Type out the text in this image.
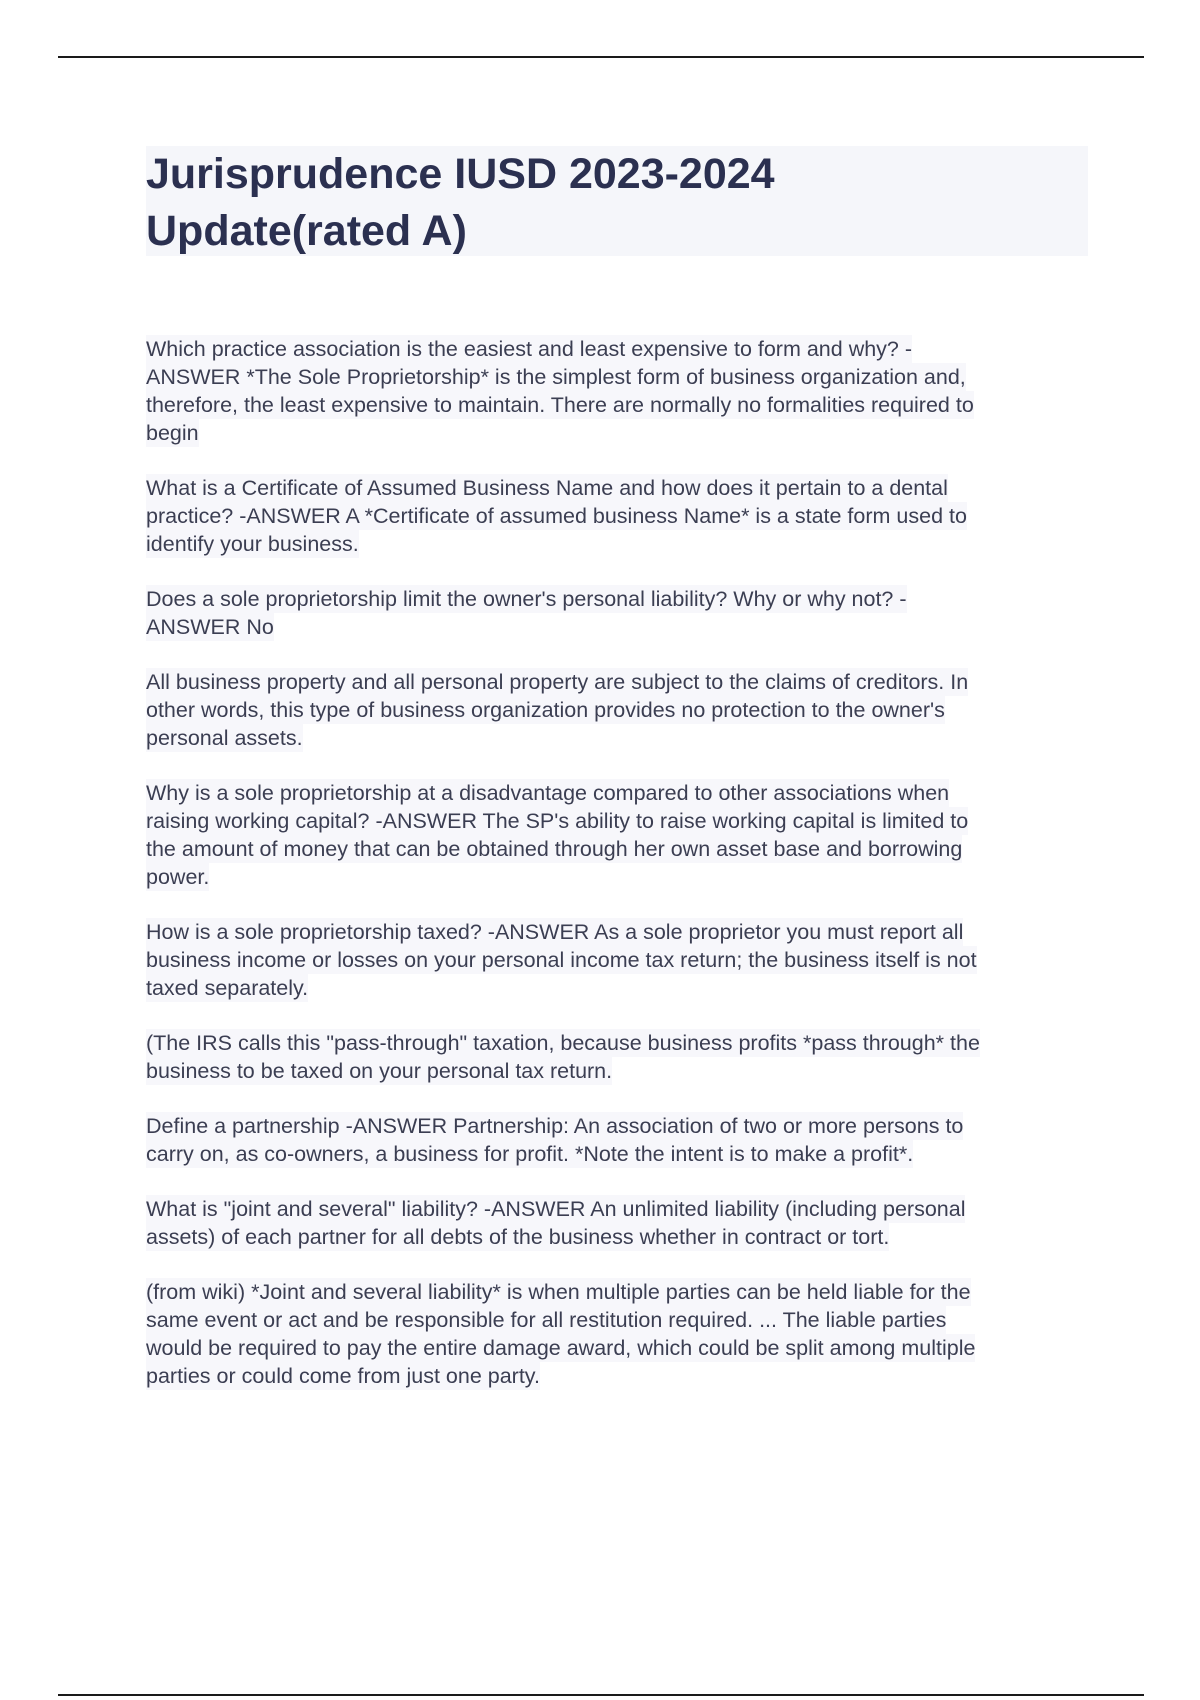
Jurisprudence IUSD 2023-2024
Update(rated A)

Which practice association is the easiest and least expensive to form and why? -
ANSWER *The Sole Proprietorship* is the simplest form of business organization and,
therefore, the least expensive to maintain. There are normally no formalities required to
begin

What is a Certificate of Assumed Business Name and how does it pertain to a dental
practice? -ANSWER A *Certificate of assumed business Name* is a state form used to
identify your business.

Does a sole proprietorship limit the owner's personal liability? Why or why not? -
ANSWER No

All business property and all personal property are subject to the claims of creditors. In
other words, this type of business organization provides no protection to the owner's
personal assets.

Why is a sole proprietorship at a disadvantage compared to other associations when
raising working capital? -ANSWER The SP's ability to raise working capital is limited to
the amount of money that can be obtained through her own asset base and borrowing
power.

How is a sole proprietorship taxed? -ANSWER As a sole proprietor you must report all
business income or losses on your personal income tax return; the business itself is not
taxed separately.

(The IRS calls this "pass-through" taxation, because business profits *pass through* the
business to be taxed on your personal tax return.

Define a partnership -ANSWER Partnership: An association of two or more persons to
carry on, as co-owners, a business for profit. *Note the intent is to make a profit*.

What is "joint and several" liability? -ANSWER An unlimited liability (including personal
assets) of each partner for all debts of the business whether in contract or tort.

(from wiki) *Joint and several liability* is when multiple parties can be held liable for the
same event or act and be responsible for all restitution required. ... The liable parties
would be required to pay the entire damage award, which could be split among multiple
parties or could come from just one party.
